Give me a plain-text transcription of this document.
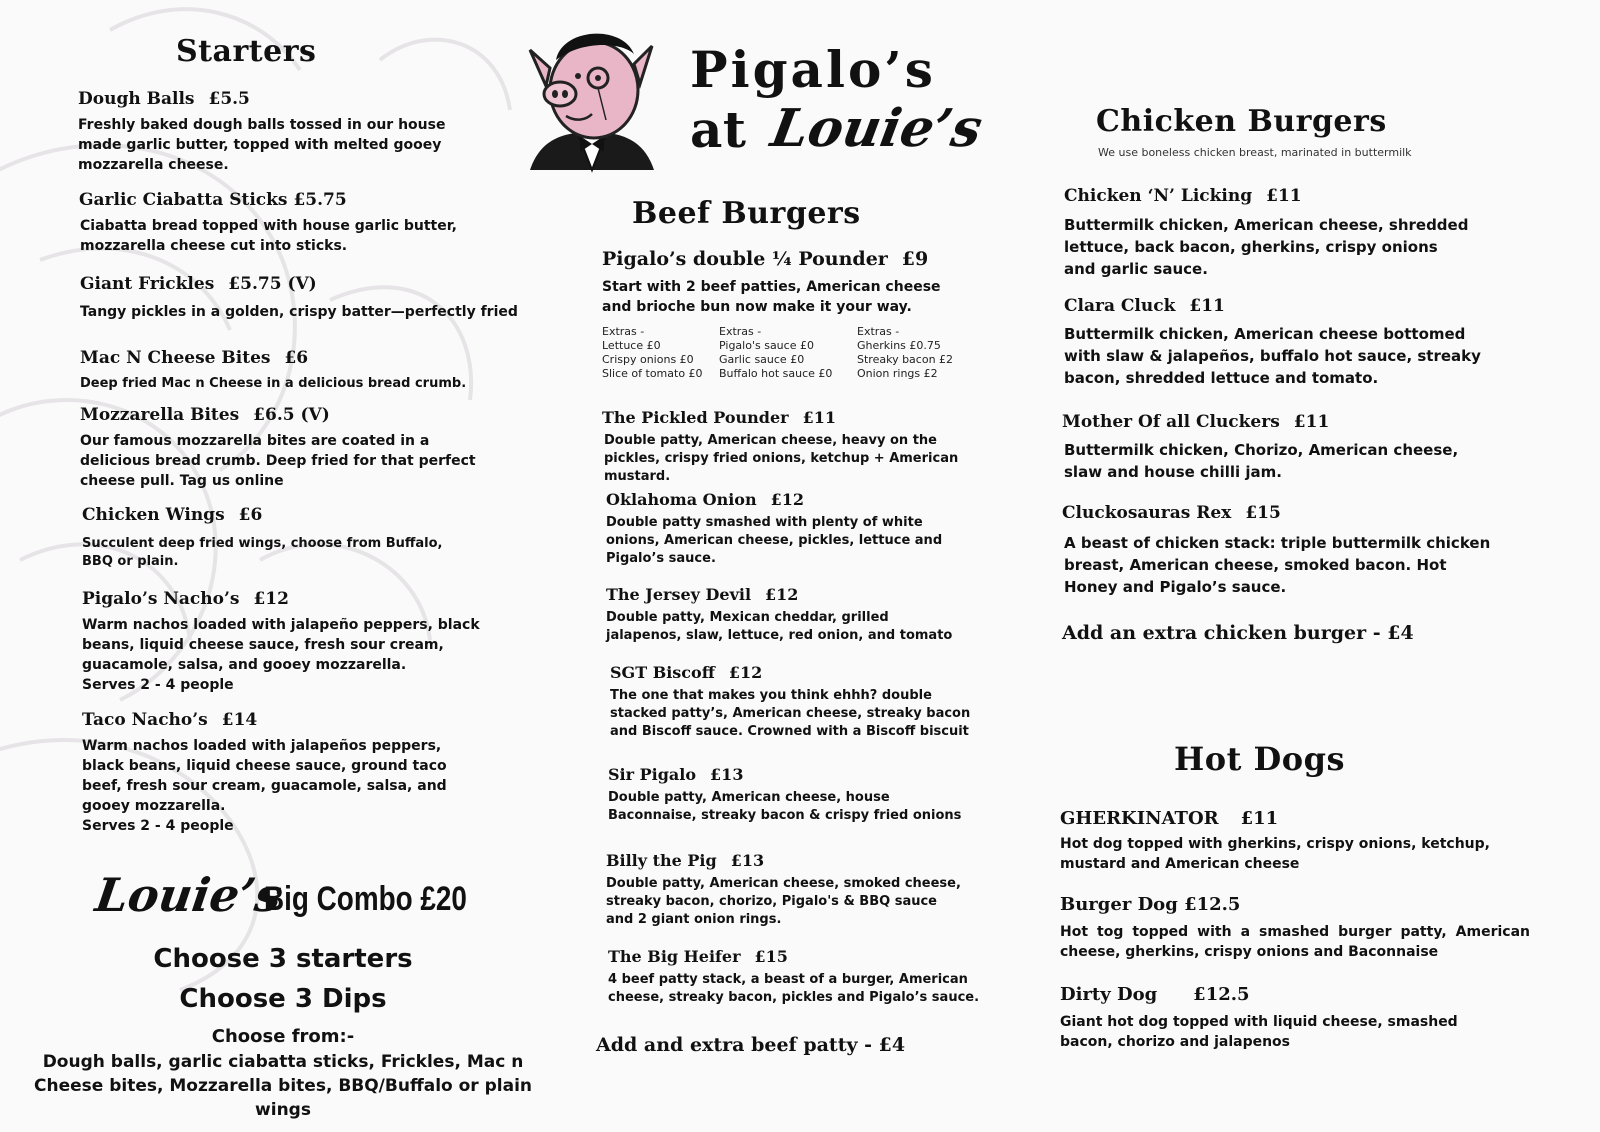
Starters
Dough Balls £5.5
Freshly baked dough balls tossed in our house made garlic butter, topped with melted gooey mozzarella cheese.
Garlic Ciabatta Sticks £5.75
Ciabatta bread topped with house garlic butter, mozzarella cheese cut into sticks.
Giant Frickles £5.75 (V)
Tangy pickles in a golden, crispy batter—perfectly fried
Mac N Cheese Bites £6
Deep fried Mac n Cheese in a delicious bread crumb.
Mozzarella Bites £6.5 (V)
Our famous mozzarella bites are coated in a delicious bread crumb. Deep fried for that perfect cheese pull. Tag us online
Chicken Wings £6
Succulent deep fried wings, choose from Buffalo, BBQ or plain.
Pigalo’s Nacho’s £12
Warm nachos loaded with jalapeño peppers, black beans, liquid cheese sauce, fresh sour cream, guacamole, salsa, and gooey mozzarella.
Serves 2 - 4 people
Taco Nacho’s £14
Warm nachos loaded with jalapeños peppers, black beans, liquid cheese sauce, ground taco beef, fresh sour cream, guacamole, salsa, and gooey mozzarella.
Serves 2 - 4 people
Louie’s
Big Combo £20
Choose 3 starters
Choose 3 Dips
Choose from:-
Dough balls, garlic ciabatta sticks, Frickles, Mac n Cheese bites, Mozzarella bites, BBQ/Buffalo or plain wings
Pigalo’s
at Louie’s
Beef Burgers
Pigalo’s double ¼ Pounder £9
Start with 2 beef patties, American cheese and brioche bun now make it your way.
Extras -
Lettuce £0
Crispy onions £0
Slice of tomato £0
Extras -
Pigalo's sauce £0
Garlic sauce £0
Buffalo hot sauce £0
Extras -
Gherkins £0.75
Streaky bacon £2
Onion rings £2
The Pickled Pounder £11
Double patty, American cheese, heavy on the pickles, crispy fried onions, ketchup + American mustard.
Oklahoma Onion £12
Double patty smashed with plenty of white onions, American cheese, pickles, lettuce and Pigalo’s sauce.
The Jersey Devil £12
Double patty, Mexican cheddar, grilled jalapenos, slaw, lettuce, red onion, and tomato
SGT Biscoff £12
The one that makes you think ehhh? double stacked patty’s, American cheese, streaky bacon and Biscoff sauce. Crowned with a Biscoff biscuit
Sir Pigalo £13
Double patty, American cheese, house Baconnaise, streaky bacon & crispy fried onions
Billy the Pig £13
Double patty, American cheese, smoked cheese, streaky bacon, chorizo, Pigalo's & BBQ sauce and 2 giant onion rings.
The Big Heifer £15
4 beef patty stack, a beast of a burger, American cheese, streaky bacon, pickles and Pigalo’s sauce.
Add and extra beef patty - £4
Chicken Burgers
We use boneless chicken breast, marinated in buttermilk
Chicken ‘N’ Licking £11
Buttermilk chicken, American cheese, shredded lettuce, back bacon, gherkins, crispy onions and garlic sauce.
Clara Cluck £11
Buttermilk chicken, American cheese bottomed with slaw & jalapeños, buffalo hot sauce, streaky bacon, shredded lettuce and tomato.
Mother Of all Cluckers £11
Buttermilk chicken, Chorizo, American cheese, slaw and house chilli jam.
Cluckosauras Rex £15
A beast of chicken stack: triple buttermilk chicken breast, American cheese, smoked bacon. Hot Honey and Pigalo’s sauce.
Add an extra chicken burger - £4
Hot Dogs
GHERKINATOR £11
Hot dog topped with gherkins, crispy onions, ketchup, mustard and American cheese
Burger Dog £12.5
Hot tog topped with a smashed burger patty, American cheese, gherkins, crispy onions and Baconnaise
Dirty Dog £12.5
Giant hot dog topped with liquid cheese, smashed bacon, chorizo and jalapenos
